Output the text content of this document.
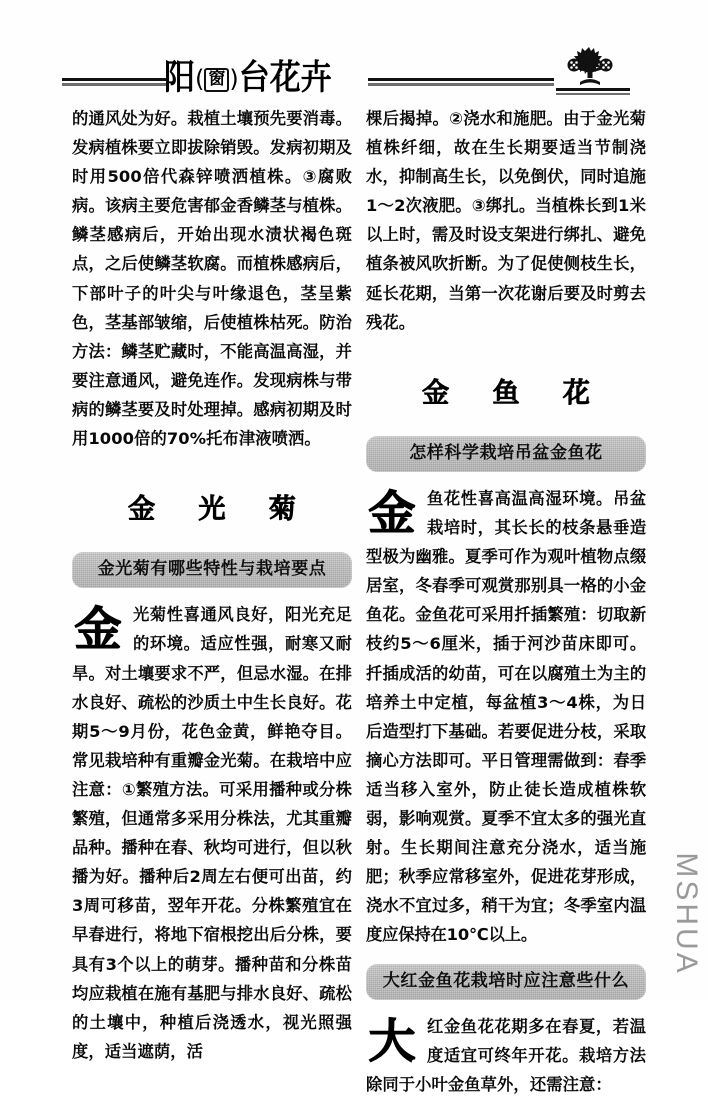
阳 ( 窗 ) 台 花 卉

的通风处为好。栽植土壤预先要消毒。发病植株要立即拔除销毁。发病初期及时用500倍代森锌喷洒植株。③腐败病。该病主要危害郁金香鳞茎与植株。鳞茎感病后，开始出现水渍状褐色斑点，之后使鳞茎软腐。而植株感病后，下部叶子的叶尖与叶缘退色，茎呈紫色，茎基部皱缩，后使植株枯死。防治方法：鳞茎贮藏时，不能高温高湿，并要注意通风，避免连作。发现病株与带病的鳞茎要及时处理掉。感病初期及时用1000倍的70%托布津液喷洒。

金 光 菊
金光菊有哪些特性与栽培要点
金 光菊性喜通风良好，阳光充足的环境。适应性强，耐寒又耐旱。对土壤要求不严，但忌水湿。在排水良好、疏松的沙质土中生长良好。花期5～9月份，花色金黄，鲜艳夺目。常见栽培种有重瓣金光菊。在栽培中应注意：①繁殖方法。可采用播种或分株繁殖，但通常多采用分株法，尤其重瓣品种。播种在春、秋均可进行，但以秋播为好。播种后2周左右便可出苗，约3周可移苗，翌年开花。分株繁殖宜在早春进行，将地下宿根挖出后分株，要具有3个以上的萌芽。播种苗和分株苗均应栽植在施有基肥与排水良好、疏松的土壤中，种植后浇透水，视光照强度，适当遮荫，活

棵后揭掉。②浇水和施肥。由于金光菊植株纤细，故在生长期要适当节制浇水，抑制高生长，以免倒伏，同时追施1～2次液肥。③绑扎。当植株长到1米以上时，需及时设支架进行绑扎、避免植条被风吹折断。为了促使侧枝生长，延长花期，当第一次花谢后要及时剪去残花。

金 鱼 花
怎样科学栽培吊盆金鱼花
金 鱼花性喜高温高湿环境。吊盆栽培时，其长长的枝条悬垂造型极为幽雅。夏季可作为观叶植物点缀居室，冬春季可观赏那别具一格的小金鱼花。金鱼花可采用扦插繁殖：切取新枝约5～6厘米，插于河沙苗床即可。扦插成活的幼苗，可在以腐殖土为主的培养土中定植，每盆植3～4株，为日后造型打下基础。若要促进分枝，采取摘心方法即可。平日管理需做到：春季适当移入室外，防止徒长造成植株软弱，影响观赏。夏季不宜太多的强光直射。生长期间注意充分浇水，适当施肥；秋季应常移室外，促进花芽形成，浇水不宜过多，稍干为宜；冬季室内温度应保持在10℃以上。

大红金鱼花栽培时应注意些什么
大 红金鱼花花期多在春夏，若温度适宜可终年开花。栽培方法除同于小叶金鱼草外，还需注意：

MSHUA
